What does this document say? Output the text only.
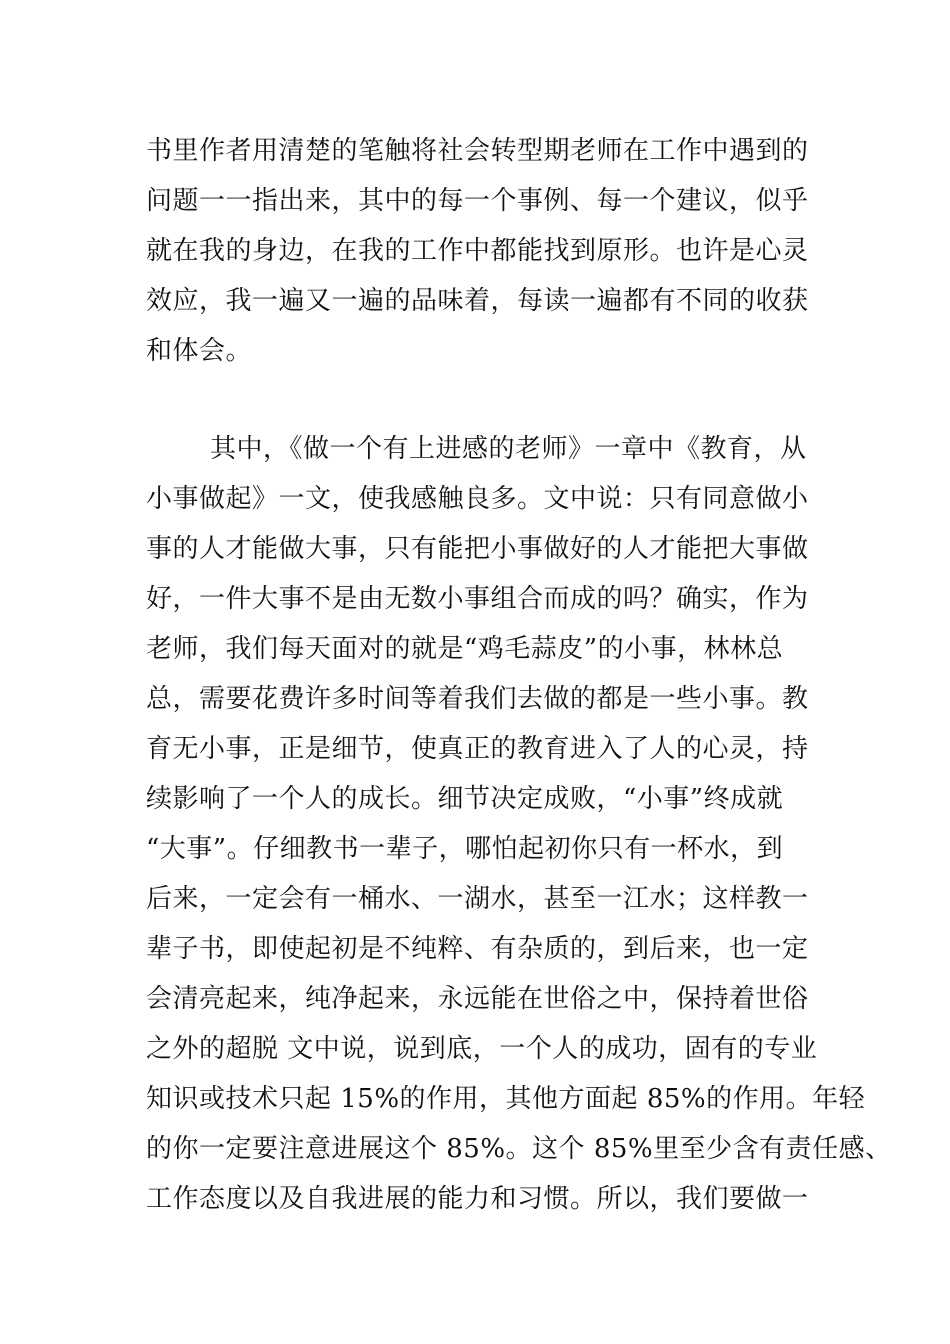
书里作者用清楚的笔触将社会转型期老师在工作中遇到的
问题一一指出来，其中的每一个事例、每一个建议，似乎
就在我的身边，在我的工作中都能找到原形。也许是心灵
效应，我一遍又一遍的品味着，每读一遍都有不同的收获
和体会。
其中，《做一个有上进感的老师》一章中《教育，从
小事做起》一文，使我感触良多。文中说：只有同意做小
事的人才能做大事，只有能把小事做好的人才能把大事做
好，一件大事不是由无数小事组合而成的吗？确实，作为
老师，我们每天面对的就是“鸡毛蒜皮”的小事，林林总
总，需要花费许多时间等着我们去做的都是一些小事。教
育无小事，正是细节，使真正的教育进入了人的心灵，持
续影响了一个人的成长。细节决定成败，“小事”终成就
“大事”。仔细教书一辈子，哪怕起初你只有一杯水，到
后来，一定会有一桶水、一湖水，甚至一江水；这样教一
辈子书，即使起初是不纯粹、有杂质的，到后来，也一定
会清亮起来，纯净起来，永远能在世俗之中，保持着世俗
之外的超脱 文中说，说到底，一个人的成功，固有的专业
知识或技术只起 15%的作用，其他方面起 85%的作用。年轻
的你一定要注意进展这个 85%。这个 85%里至少含有责任感、
工作态度以及自我进展的能力和习惯。所以，我们要做一
